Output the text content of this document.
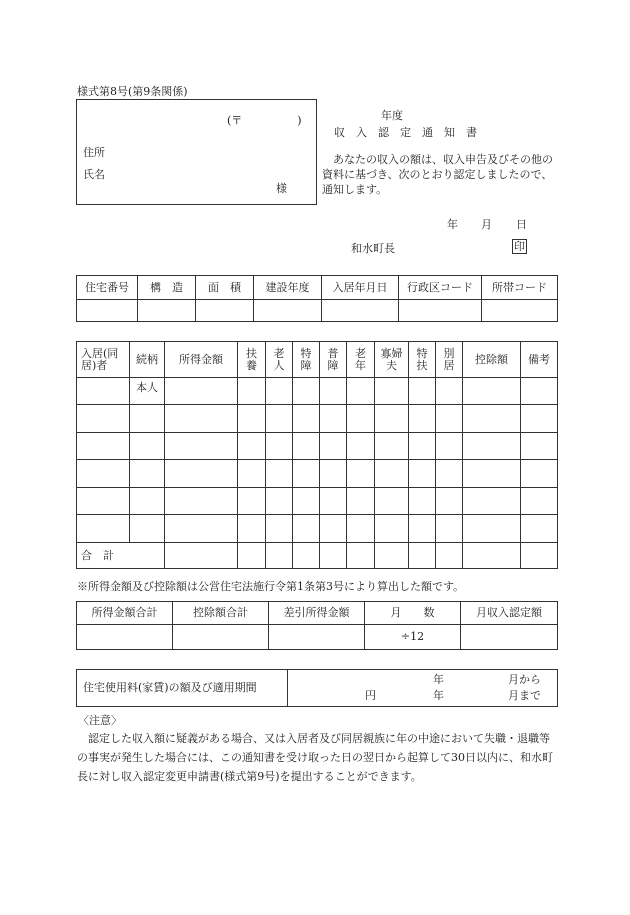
様式第8号(第9条関係)
(〒　　　　　)
住所
氏名
様
年度
収　入　認　定　通　知　書
あなたの収入の額は、収入申告及びその他の資料に基づき、次のとおり認定しましたので、通知します。
年 月 日
和水町長	印
住宅番号	構　造	面　積	建設年度	入居年月日	行政区コード	所帯コード

入居(同居)者	続柄	所得金額	扶養	老人	特障	普障	老年	寡婦夫	特扶	別居	控除額	備考
	本人											

合　計												
※所得金額及び控除額は公営住宅法施行令第1条第3号により算出した額です。
所得金額合計	控除額合計	差引所得金額	月　　数	月収入認定額
			÷12	
住宅使用料(家賃)の額及び適用期間	
年	月から
円	年	月まで
〈注意〉
認定した収入額に疑義がある場合、又は入居者及び同居親族に年の中途において失職・退職等の事実が発生した場合には、この通知書を受け取った日の翌日から起算して30日以内に、和水町長に対し収入認定変更申請書(様式第9号)を提出することができます。
